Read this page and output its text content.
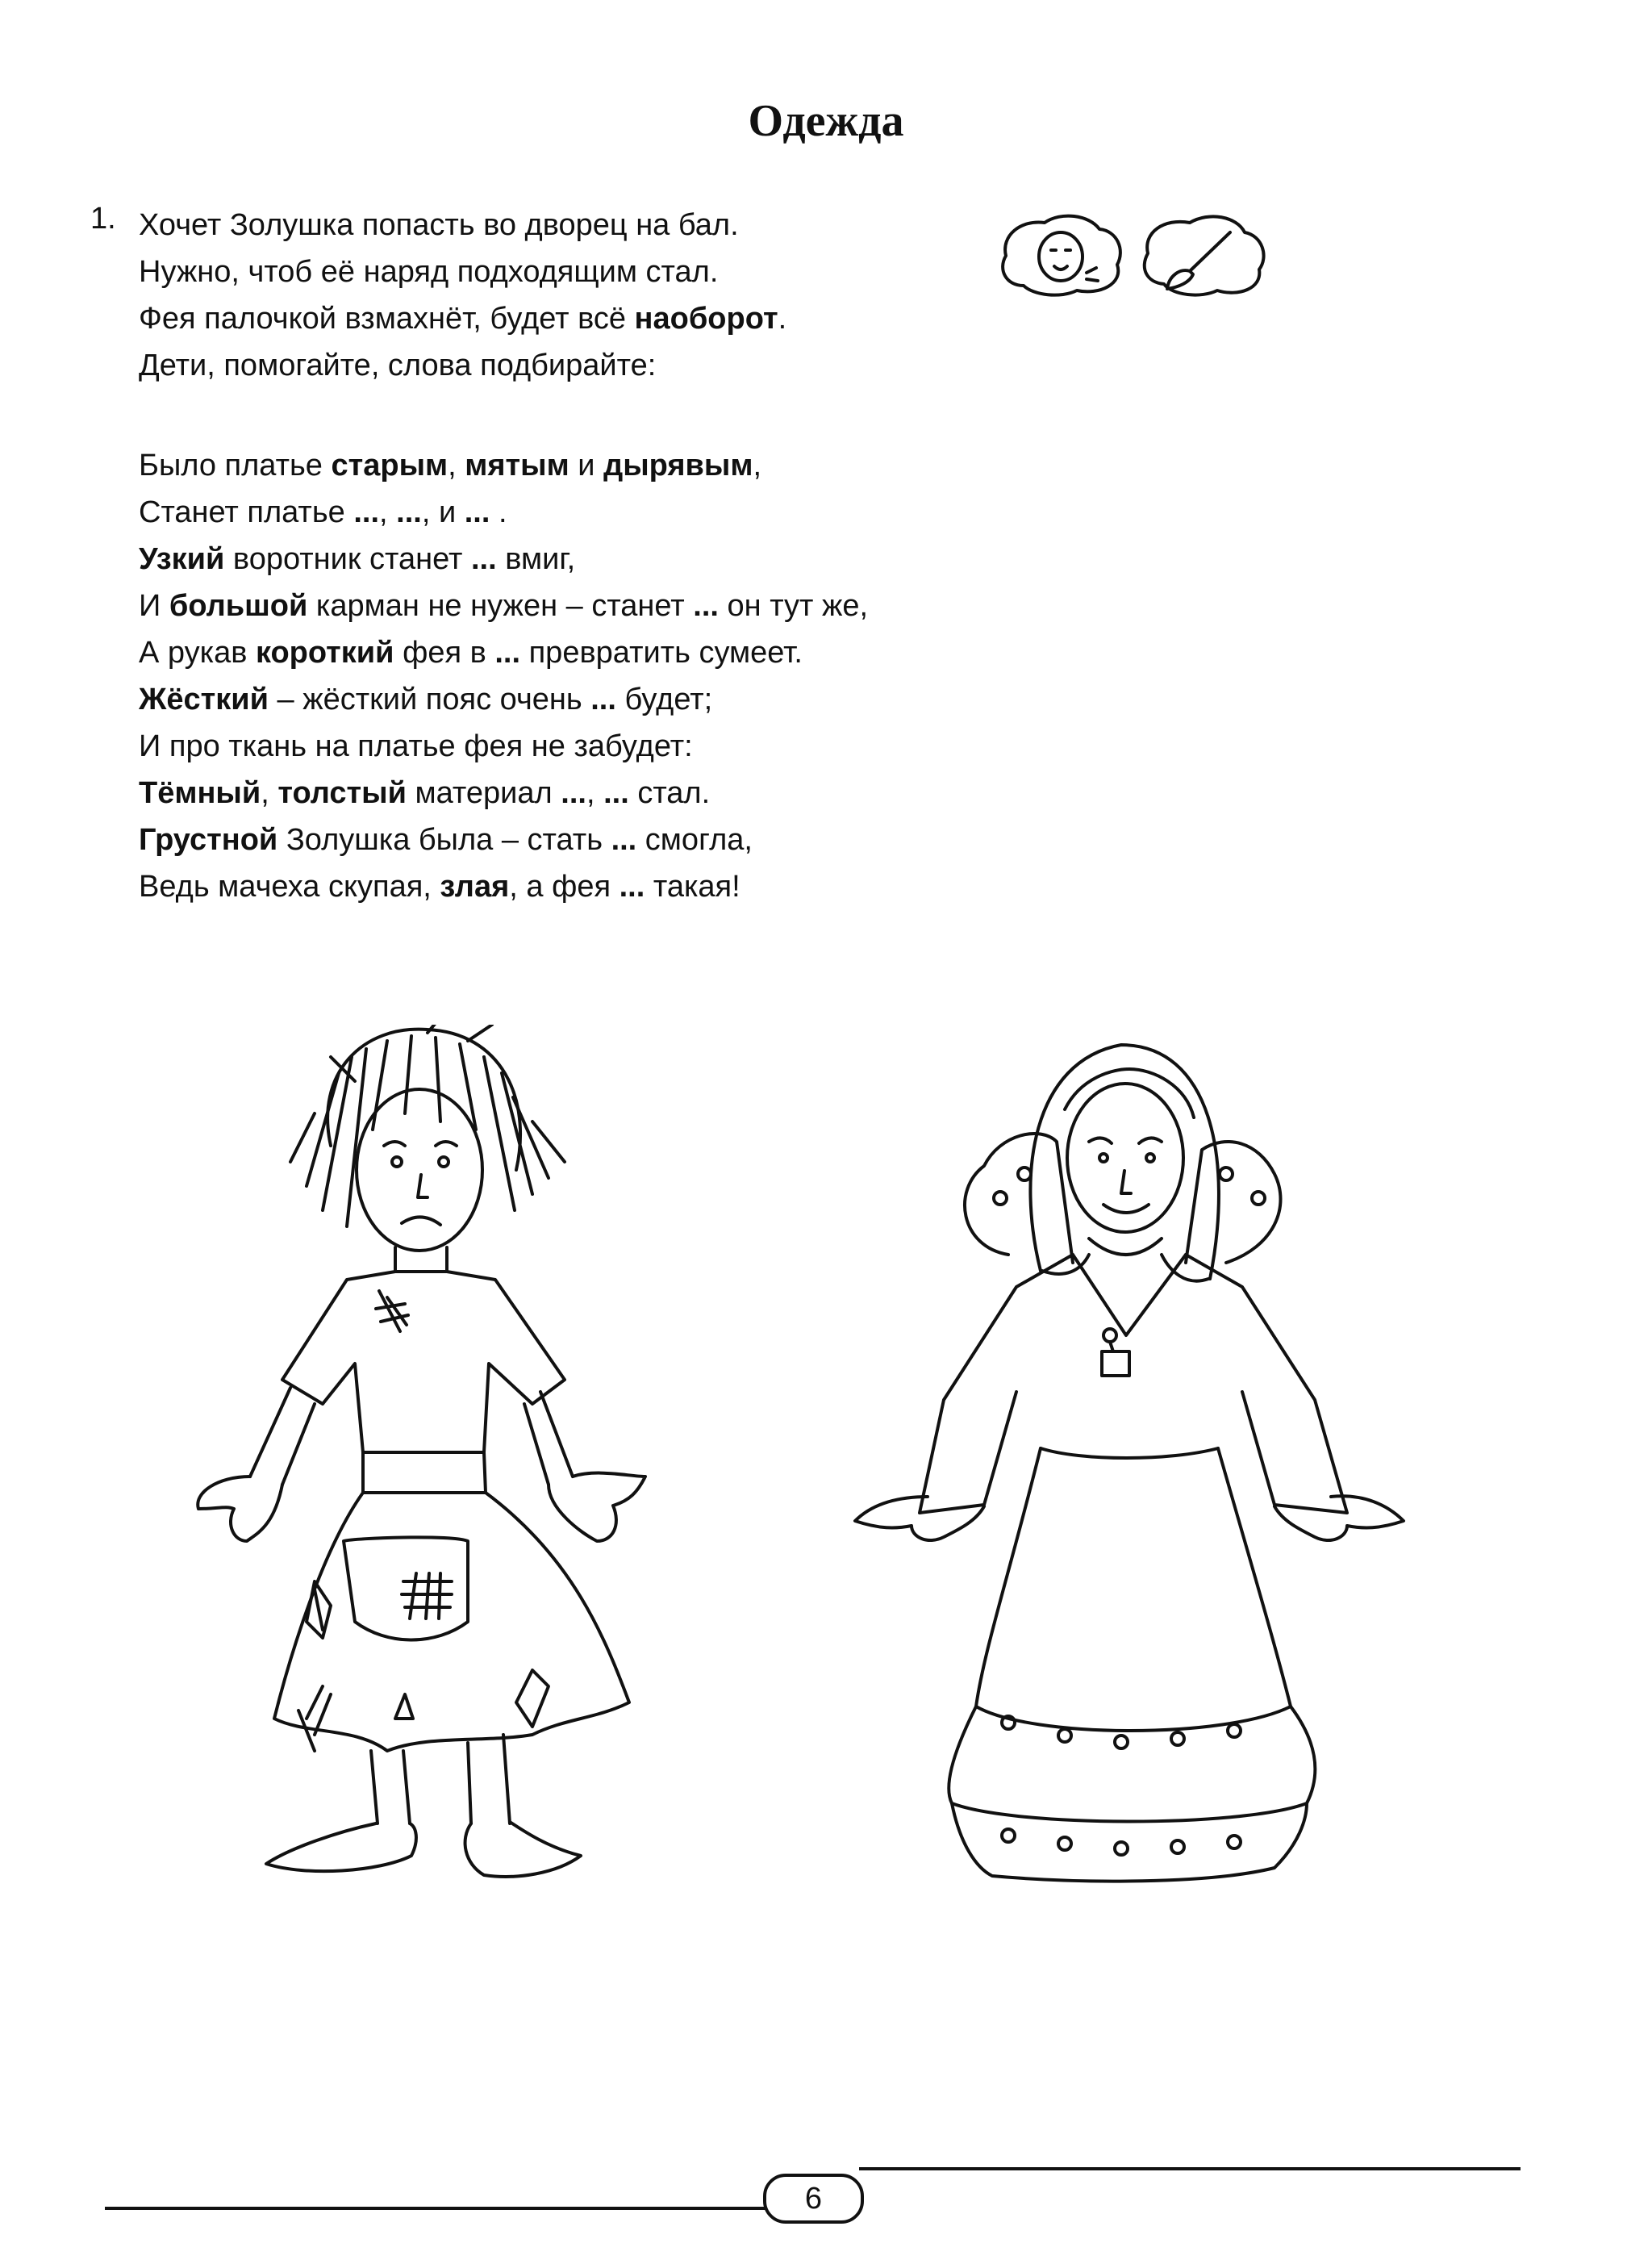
Одежда
1. Хочет Золушка попасть во дворец на бал.
Нужно, чтоб её наряд подходящим стал.
Фея палочкой взмахнёт, будет всё наоборот.
Дети, помогайте, слова подбирайте:
Было платье старым, мятым и дырявым,
Станет платье ..., ..., и ... .
Узкий воротник станет ... вмиг,
И большой карман не нужен – станет ... он тут же,
А рукав короткий фея в ... превратить сумеет.
Жёсткий – жёсткий пояс очень ... будет;
И про ткань на платье фея не забудет:
Тёмный, толстый материал ..., ... стал.
Грустной Золушка была – стать ... смогла,
Ведь мачеха скупая, злая, а фея ... такая!
6
